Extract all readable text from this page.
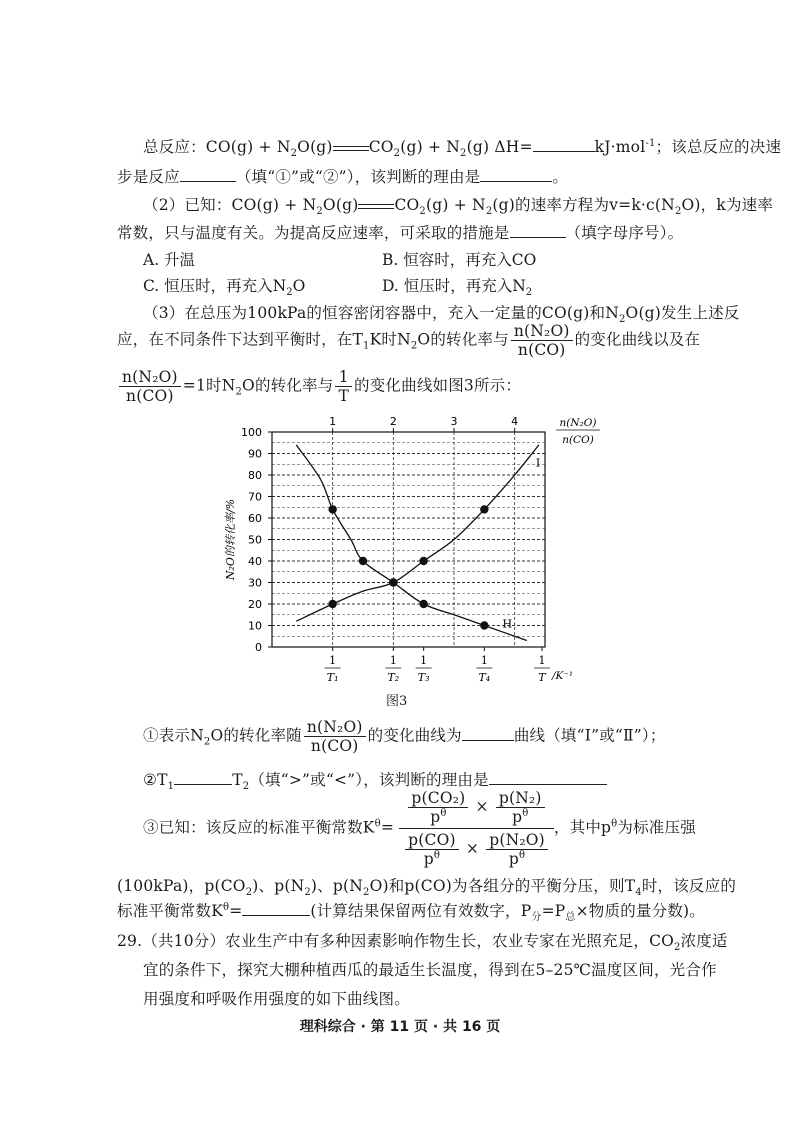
总反应：$CO(g) + N_2O(g) CO_2(g) + N_2(g)$ ΔH=	kJ·mol$^{-1}$；该总反应的决速
步是反应	（填“①”或“②”），该判断的理由是	。
（2）已知：$CO(g) + N_2O(g) CO_2(g) + N_2(g)$的速率方程为$v=k\cdot c(N_2O)$，k为速率
常数，只与温度有关。为提高反应速率，可采取的措施是	（填字母序号）。
A. 升温	B. 恒容时，再充入CO
C. 恒压时，再充入$N_2O$	D. 恒压时，再充入$N_2$
（3）在总压为100kPa的恒容密闭容器中，充入一定量的CO(g)和$N_2O(g)$发生上述反
应，在不同条件下达到平衡时，在$T_1K$时$N_2O$的转化率与 $\frac{\text{n(N₂O)}}{n(CO)}$ 的变化曲线以及在
$\frac{\text{n(N₂O)}}{n(CO)} =1$时$N_2O$的转化率与 $\frac{1}{T}$ 的变化曲线如图3所示：
0
10
20
30
40
50
60
70
80
90
100
1	2	3	4	n(N₂O)
n(CO)
1
T₁
1
T₂
1
T₃
1
T₄
1
T /K⁻¹
N₂O的转化率/%
I
H
图3
①表示$N_2O$的转化率随 $\frac{\text{n(N₂O)}}{n(CO)}$ 的变化曲线为	曲线（填“I”或“Ⅱ”）；
$②T_1$	$T_2$（填“>”或“<”），该判断的理由是
③已知：该反应的标准平衡常数$K^\theta= \frac{\frac{\text{p(CO₂)}}{p^\theta} \times \frac{\text{p(N₂)}}{p^\theta}}{\frac{p(CO)}{p^\theta} \times \frac{\text{p(N₂O)}}{p^\theta}}$ ，其中$p^\theta$为标准压强
(100kPa)，$p(CO_2)$、$p(N_2)$、$p(N_2O)$和p(CO)为各组分的平衡分压，则$T_4$时，该反应的
标准平衡常数$K^\theta=$	(计算结果保留两位有效数字，$P_分=P_总\times$物质的量分数)。
29.（共10分）农业生产中有多种因素影响作物生长，农业专家在光照充足，$CO_2$浓度适
宜的条件下，探究大棚种植西瓜的最适生长温度，得到在5–25℃温度区间，光合作
用强度和呼吸作用强度的如下曲线图。
理科综合 · 第 11 页 · 共 16 页
